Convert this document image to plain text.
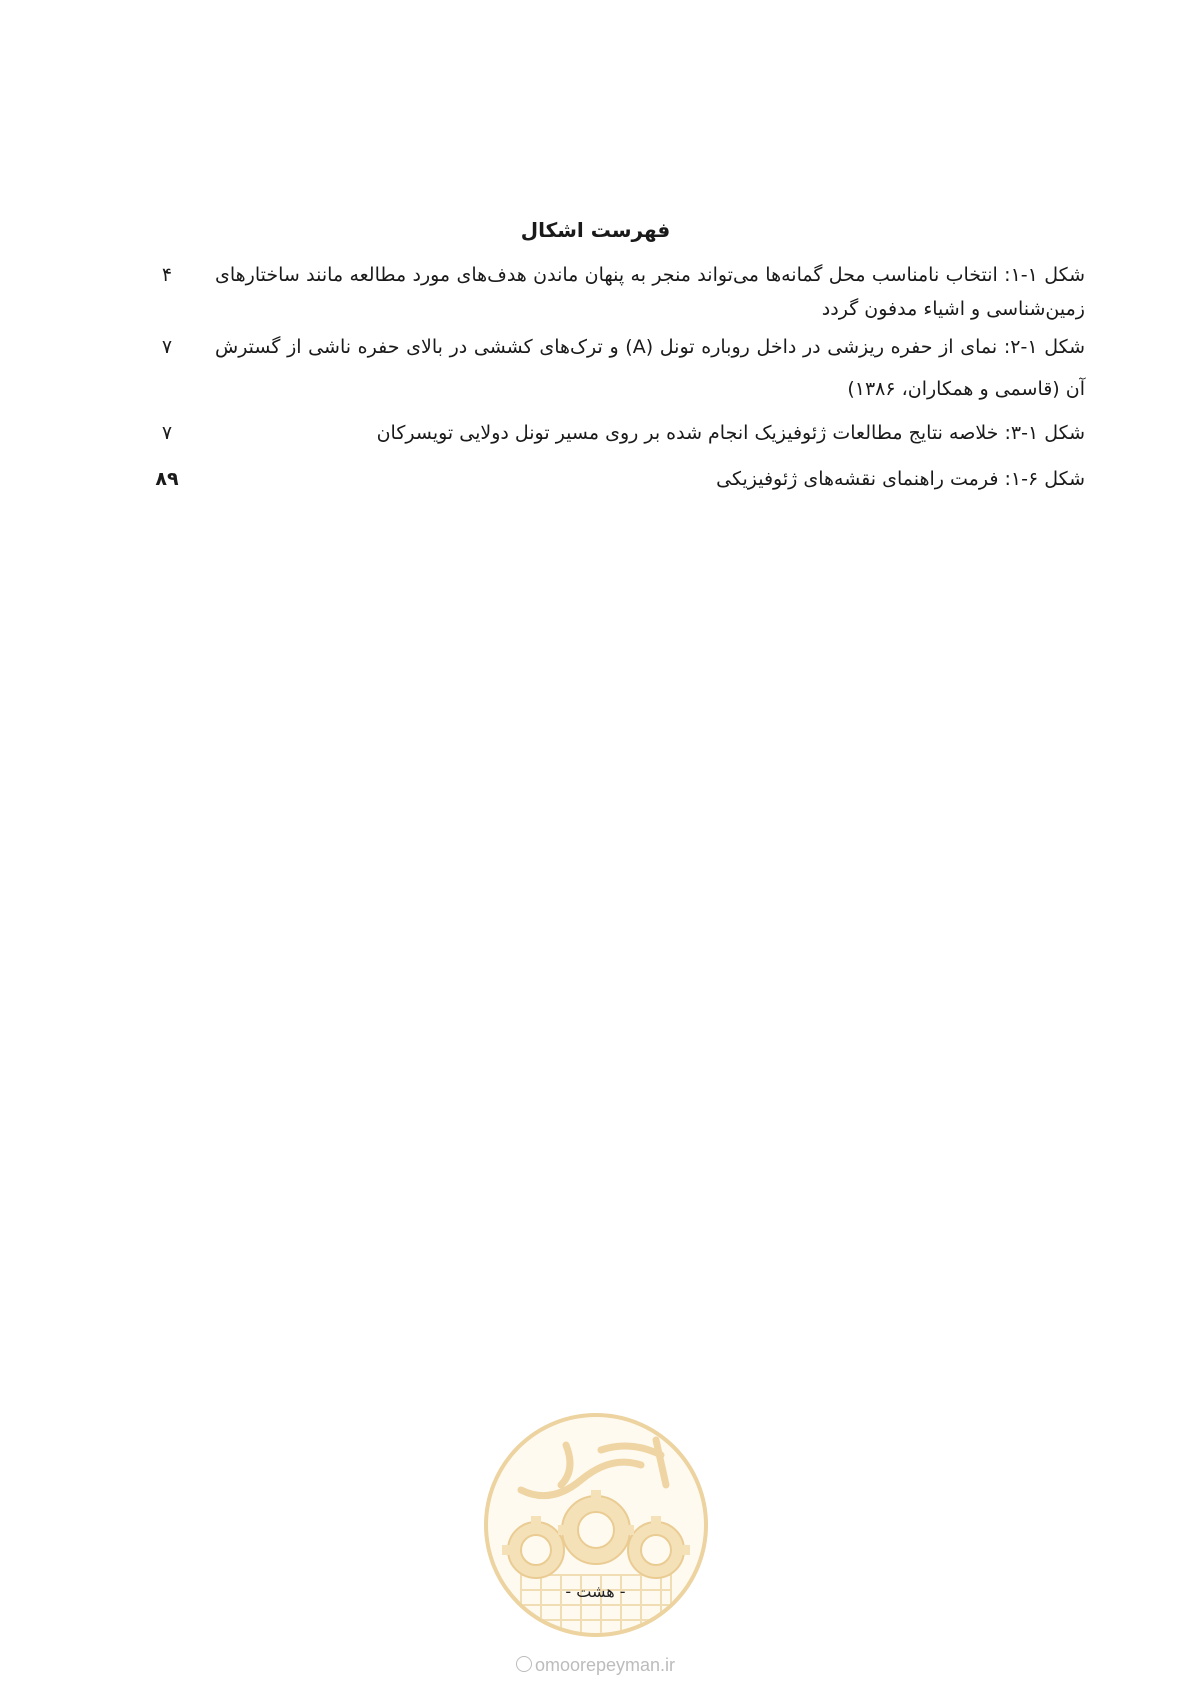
فهرست اشکال
شکل ۱-۱: انتخاب نامناسب محل گمانه‌ها می‌تواند منجر به پنهان ماندن هدف‌های مورد مطالعه مانند ساختارهای زمین‌شناسی و اشیاء مدفون گردد
۴
شکل ۱-۲: نمای از حفره ریزشی در داخل روباره تونل (A) و ترک‌های کششی در بالای حفره ناشی از گسترش آن (قاسمی و همکاران، ۱۳۸۶)
۷
شکل ۱-۳: خلاصه نتایج مطالعات ژئوفیزیک انجام شده بر روی مسیر تونل دولایی تویسرکان
۷
شکل ۶-۱: فرمت راهنمای نقشه‌های ژئوفیزیکی
۸۹
- هشت -
omoorepeyman.ir
